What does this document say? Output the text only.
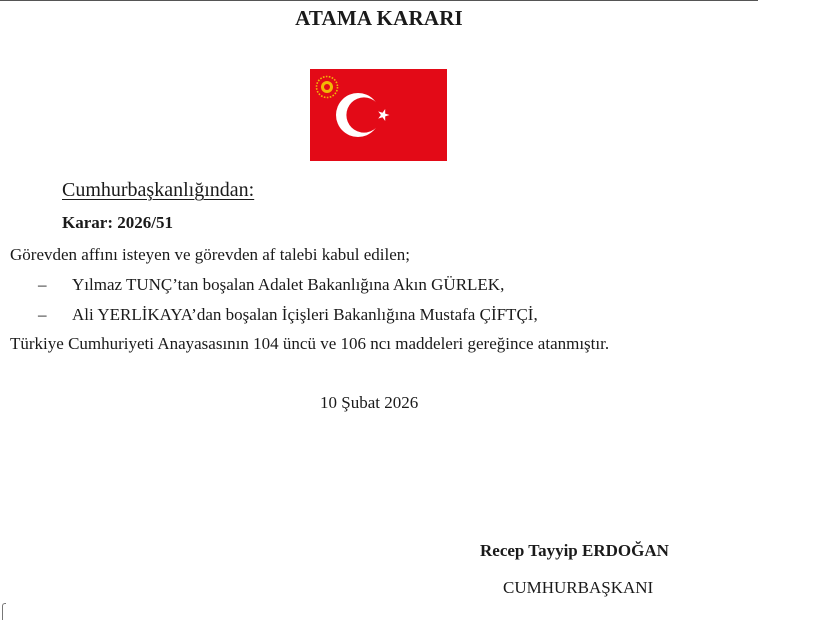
ATAMA KARARI
Cumhurbaşkanlığından:
Karar: 2026/51
Görevden affını isteyen ve görevden af talebi kabul edilen;
– Yılmaz TUNÇ’tan boşalan Adalet Bakanlığına Akın GÜRLEK,
– Ali YERLİKAYA’dan boşalan İçişleri Bakanlığına Mustafa ÇİFTÇİ,
Türkiye Cumhuriyeti Anayasasının 104 üncü ve 106 ncı maddeleri gereğince atanmıştır.
10 Şubat 2026
Recep Tayyip ERDOĞAN
CUMHURBAŞKANI
